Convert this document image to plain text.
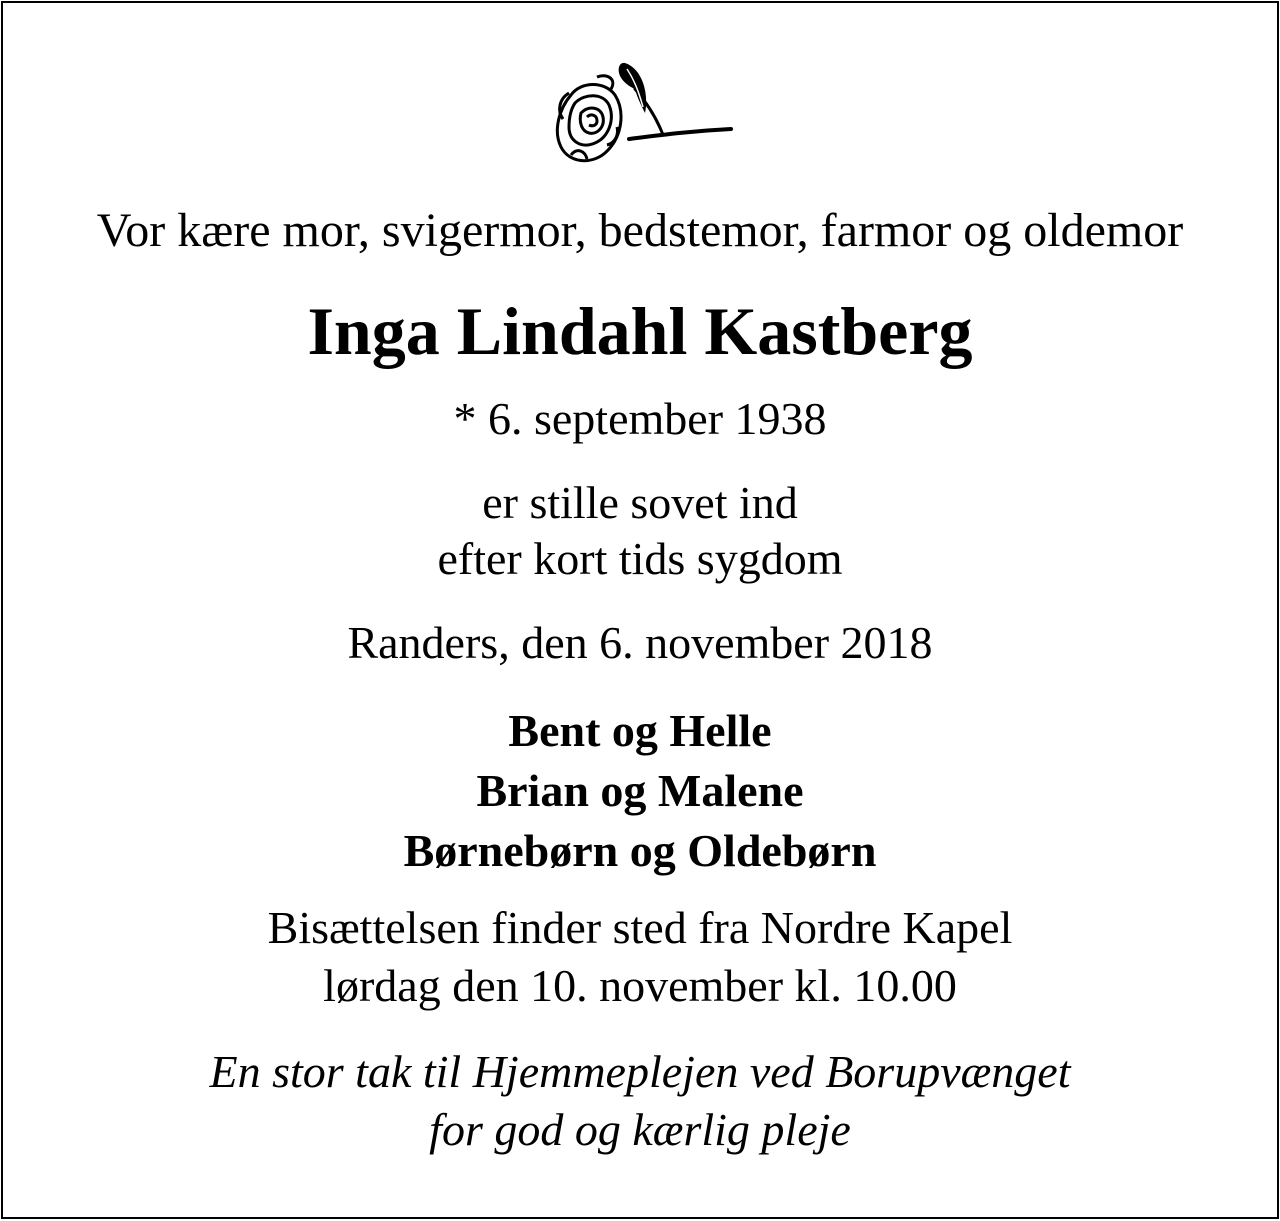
Vor kære mor, svigermor, bedstemor, farmor og oldemor
Inga Lindahl Kastberg
* 6. september 1938
er stille sovet ind
efter kort tids sygdom
Randers, den 6. november 2018
Bent og Helle
Brian og Malene
Børnebørn og Oldebørn
Bisættelsen finder sted fra Nordre Kapel
lørdag den 10. november kl. 10.00
En stor tak til Hjemmeplejen ved Borupvænget
for god og kærlig pleje
